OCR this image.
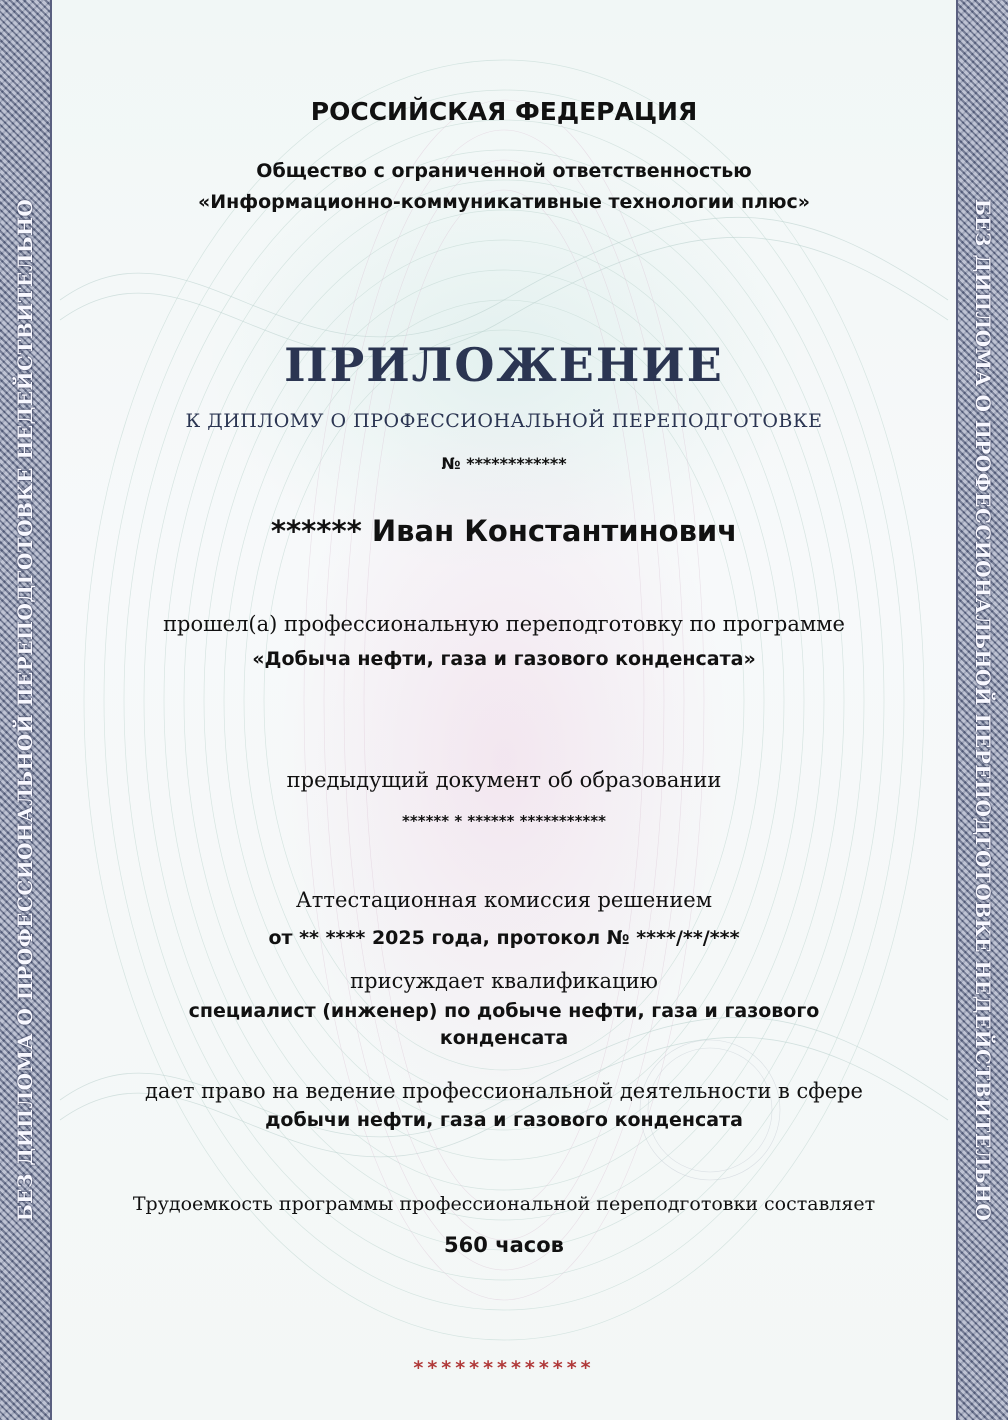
БЕЗ ДИПЛОМА О ПРОФЕССИОНАЛЬНОЙ ПЕРЕПОДГОТОВКЕ НЕДЕЙСТВИТЕЛЬНО	БЕЗ ДИПЛОМА О ПРОФЕССИОНАЛЬНОЙ ПЕРЕПОДГОТОВКЕ НЕДЕЙСТВИТЕЛЬНО
РОССИЙСКАЯ ФЕДЕРАЦИЯ
Общество с ограниченной ответственностью
«Информационно-коммуникативные технологии плюс»
ПРИЛОЖЕНИЕ
К ДИПЛОМУ О ПРОФЕССИОНАЛЬНОЙ ПЕРЕПОДГОТОВКЕ
№ ************
****** Иван Константинович
прошел(а) профессиональную переподготовку по программе
«Добыча нефти, газа и газового конденсата»
предыдущий документ об образовании
****** * ****** ***********
Аттестационная комиссия решением
от ** **** 2025 года, протокол № ****/**/***
присуждает квалификацию
специалист (инженер) по добыче нефти, газа и газового
конденсата
дает право на ведение профессиональной деятельности в сфере
добычи нефти, газа и газового конденсата
Трудоемкость программы профессиональной переподготовки составляет
560 часов
*************
